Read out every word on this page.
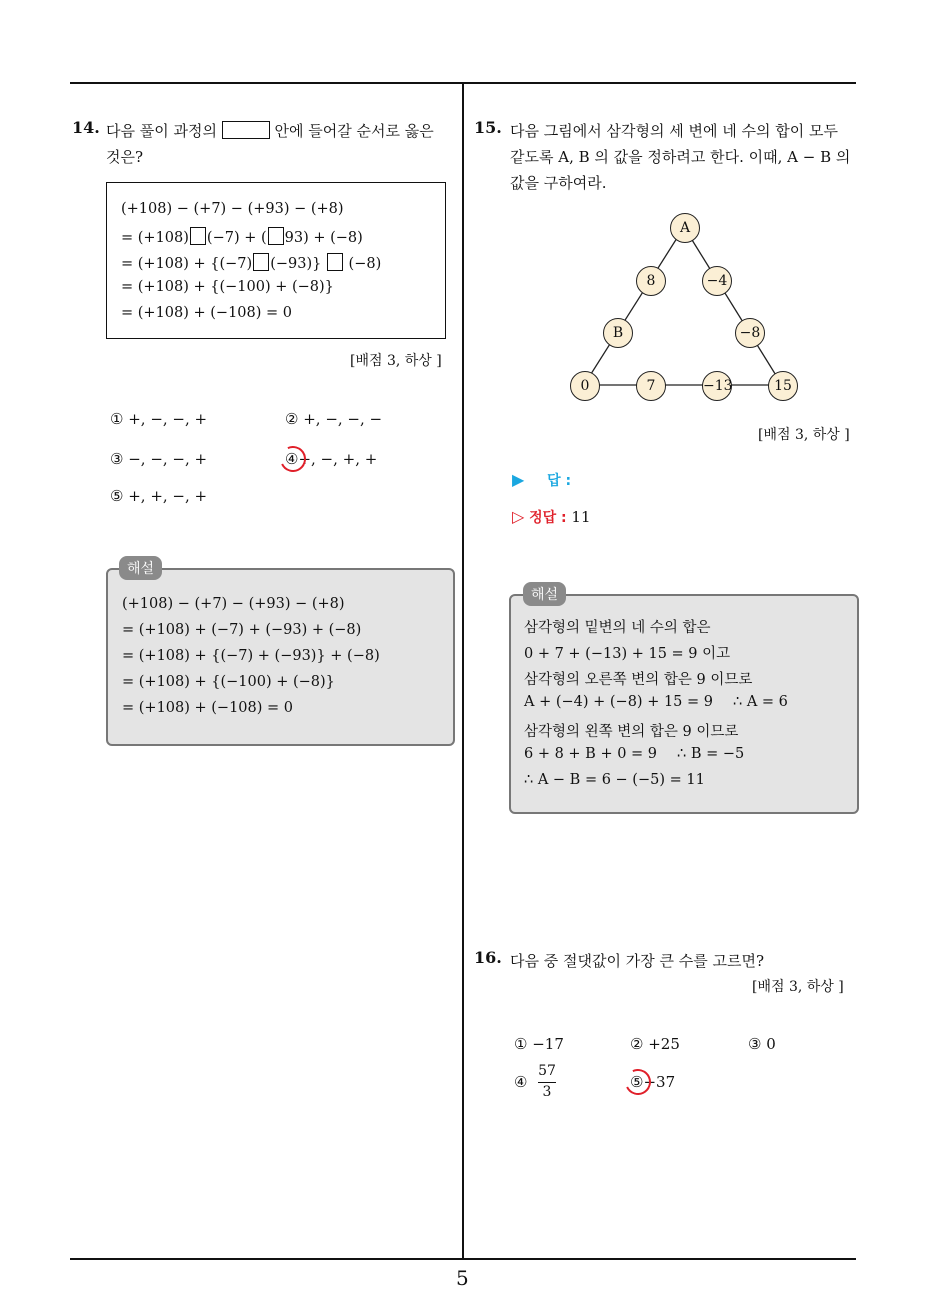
5
14. 다음 풀이 과정의	안에 들어갈 순서로 옳은
것은?
(+108) − (+7) − (+93) − (+8)
= (+108) (−7) + ( 93) + (−8)
= (+108) + {(−7) (−93)} (−8)
= (+108) + {(−100) + (−8)}
= (+108) + (−108) = 0
[배점 3, 하상 ]
① +, −, −, +	② +, −, −, −
③ −, −, −, +	④+, −, +, +
⑤ +, +, −, +
(+108) − (+7) − (+93) − (+8)
= (+108) + (−7) + (−93) + (−8)
= (+108) + {(−7) + (−93)} + (−8)
= (+108) + {(−100) + (−8)}
= (+108) + (−108) = 0
해설
15. 다음 그림에서 삼각형의 세 변에 네 수의 합이 모두
같도록 A, B 의 값을 정하려고 한다. 이때, A − B 의
값을 구하여라.
A
8	−4
B	−8
0	7	−13	15
[배점 3, 하상 ]
▶ 답 :
▷ 정답 : 11
삼각형의 밑변의 네 수의 합은
0 + 7 + (−13) + 15 = 9 이고
삼각형의 오른쪽 변의 합은 9 이므로
A + (−4) + (−8) + 15 = 9 ∴ A = 6
삼각형의 왼쪽 변의 합은 9 이므로
6 + 8 + B + 0 = 9 ∴ B = −5
∴ A − B = 6 − (−5) = 11
해설
16. 다음 중 절댓값이 가장 큰 수를 고르면?
[배점 3, 하상 ]
① −17	② +25	③ 0
④
57
3
⑤−37
